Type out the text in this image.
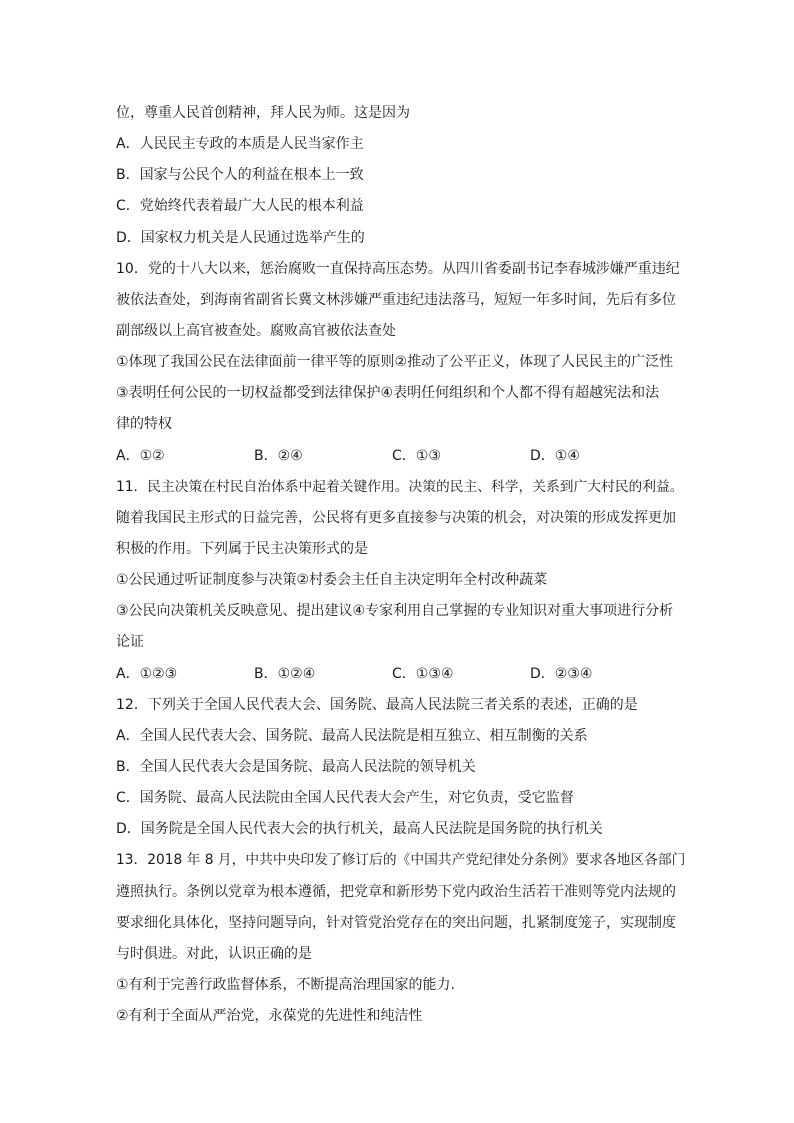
位，尊重人民首创精神，拜人民为师。这是因为
A．人民民主专政的本质是人民当家作主
B．国家与公民个人的利益在根本上一致
C．党始终代表着最广大人民的根本利益
D．国家权力机关是人民通过选举产生的
10．党的十八大以来，惩治腐败一直保持高压态势。从四川省委副书记李春城涉嫌严重违纪
被依法查处，到海南省副省长冀文林涉嫌严重违纪违法落马，短短一年多时间，先后有多位
副部级以上高官被查处。腐败高官被依法查处
①体现了我国公民在法律面前一律平等的原则②推动了公平正义，体现了人民民主的广泛性
③表明任何公民的一切权益都受到法律保护④表明任何组织和个人都不得有超越宪法和法
律的特权
A．①②	B．②④	C．①③	D．①④
11．民主决策在村民自治体系中起着关键作用。决策的民主、科学，关系到广大村民的利益。
随着我国民主形式的日益完善，公民将有更多直接参与决策的机会，对决策的形成发挥更加
积极的作用。下列属于民主决策形式的是
①公民通过听证制度参与决策②村委会主任自主决定明年全村改种蔬菜
③公民向决策机关反映意见、提出建议④专家利用自己掌握的专业知识对重大事项进行分析
论证
A．①②③	B．①②④	C．①③④	D．②③④
12．下列关于全国人民代表大会、国务院、最高人民法院三者关系的表述，正确的是
A．全国人民代表大会、国务院、最高人民法院是相互独立、相互制衡的关系
B．全国人民代表大会是国务院、最高人民法院的领导机关
C．国务院、最高人民法院由全国人民代表大会产生，对它负责，受它监督
D．国务院是全国人民代表大会的执行机关，最高人民法院是国务院的执行机关
13．2018 年 8 月，中共中央印发了修订后的《中国共产党纪律处分条例》要求各地区各部门
遵照执行。条例以党章为根本遵循，把党章和新形势下党内政治生活若干准则等党内法规的
要求细化具体化，坚持问题导向，针对管党治党存在的突出问题，扎紧制度笼子，实现制度
与时俱进。对此，认识正确的是
①有利于完善行政监督体系，不断提高治理国家的能力.
②有利于全面从严治党，永葆党的先进性和纯洁性
